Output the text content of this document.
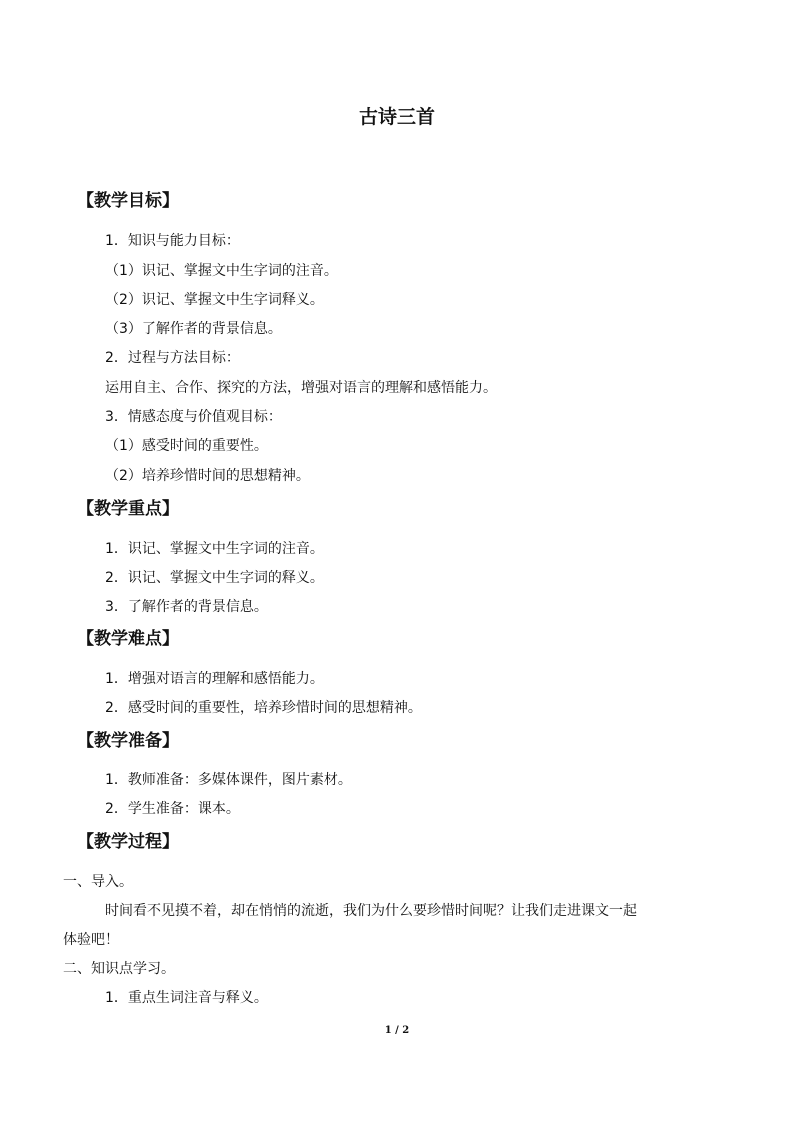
古诗三首
【教学目标】
1．知识与能力目标：
（1）识记、掌握文中生字词的注音。
（2）识记、掌握文中生字词释义。
（3）了解作者的背景信息。
2．过程与方法目标：
运用自主、合作、探究的方法，增强对语言的理解和感悟能力。
3．情感态度与价值观目标：
（1）感受时间的重要性。
（2）培养珍惜时间的思想精神。
【教学重点】
1．识记、掌握文中生字词的注音。
2．识记、掌握文中生字词的释义。
3．了解作者的背景信息。
【教学难点】
1．增强对语言的理解和感悟能力。
2．感受时间的重要性，培养珍惜时间的思想精神。
【教学准备】
1．教师准备：多媒体课件，图片素材。
2．学生准备：课本。
【教学过程】
一、导入。
时间看不见摸不着，却在悄悄的流逝，我们为什么要珍惜时间呢？让我们走进课文一起
体验吧！
二、知识点学习。
1．重点生词注音与释义。
1 / 2
